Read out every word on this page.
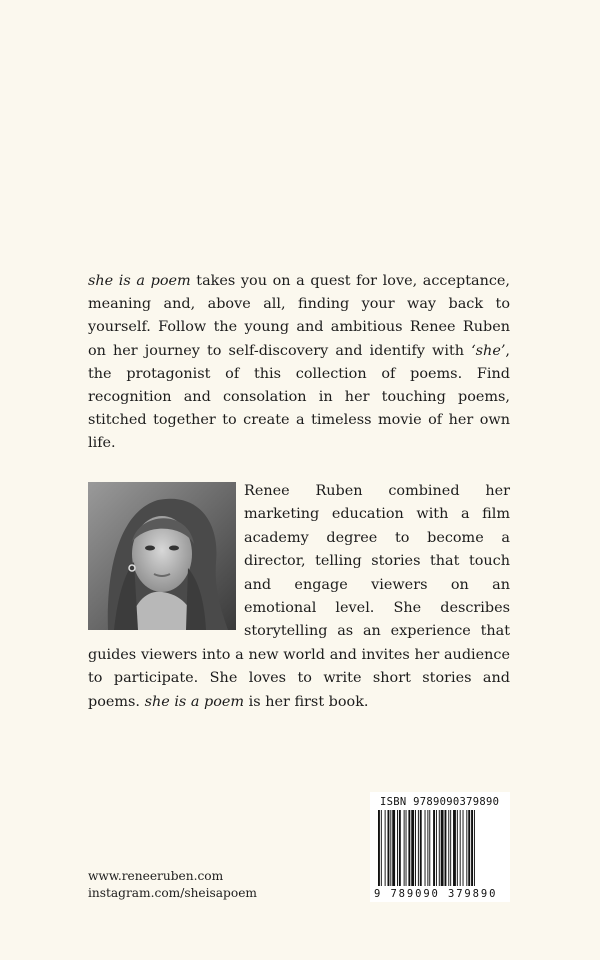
she is a poem takes you on a quest for love, acceptance, meaning and, above all, finding your way back to yourself. Follow the young and ambitious Renee Ruben on her journey to self-discovery and identify with ‘she’, the protagonist of this collection of poems. Find recognition and consolation in her touching poems, stitched together to create a timeless movie of her own life.

Renee Ruben combined her marketing education with a film academy degree to become a director, telling stories that touch and engage viewers on an emotional level. She describes storytelling as an experience that guides viewers into a new world and invites her audience to participate. She loves to write short stories and poems. she is a poem is her first book.

www.reneeruben.com
instagram.com/sheisapoem
ISBN 9789090379890
9 789090 379890
